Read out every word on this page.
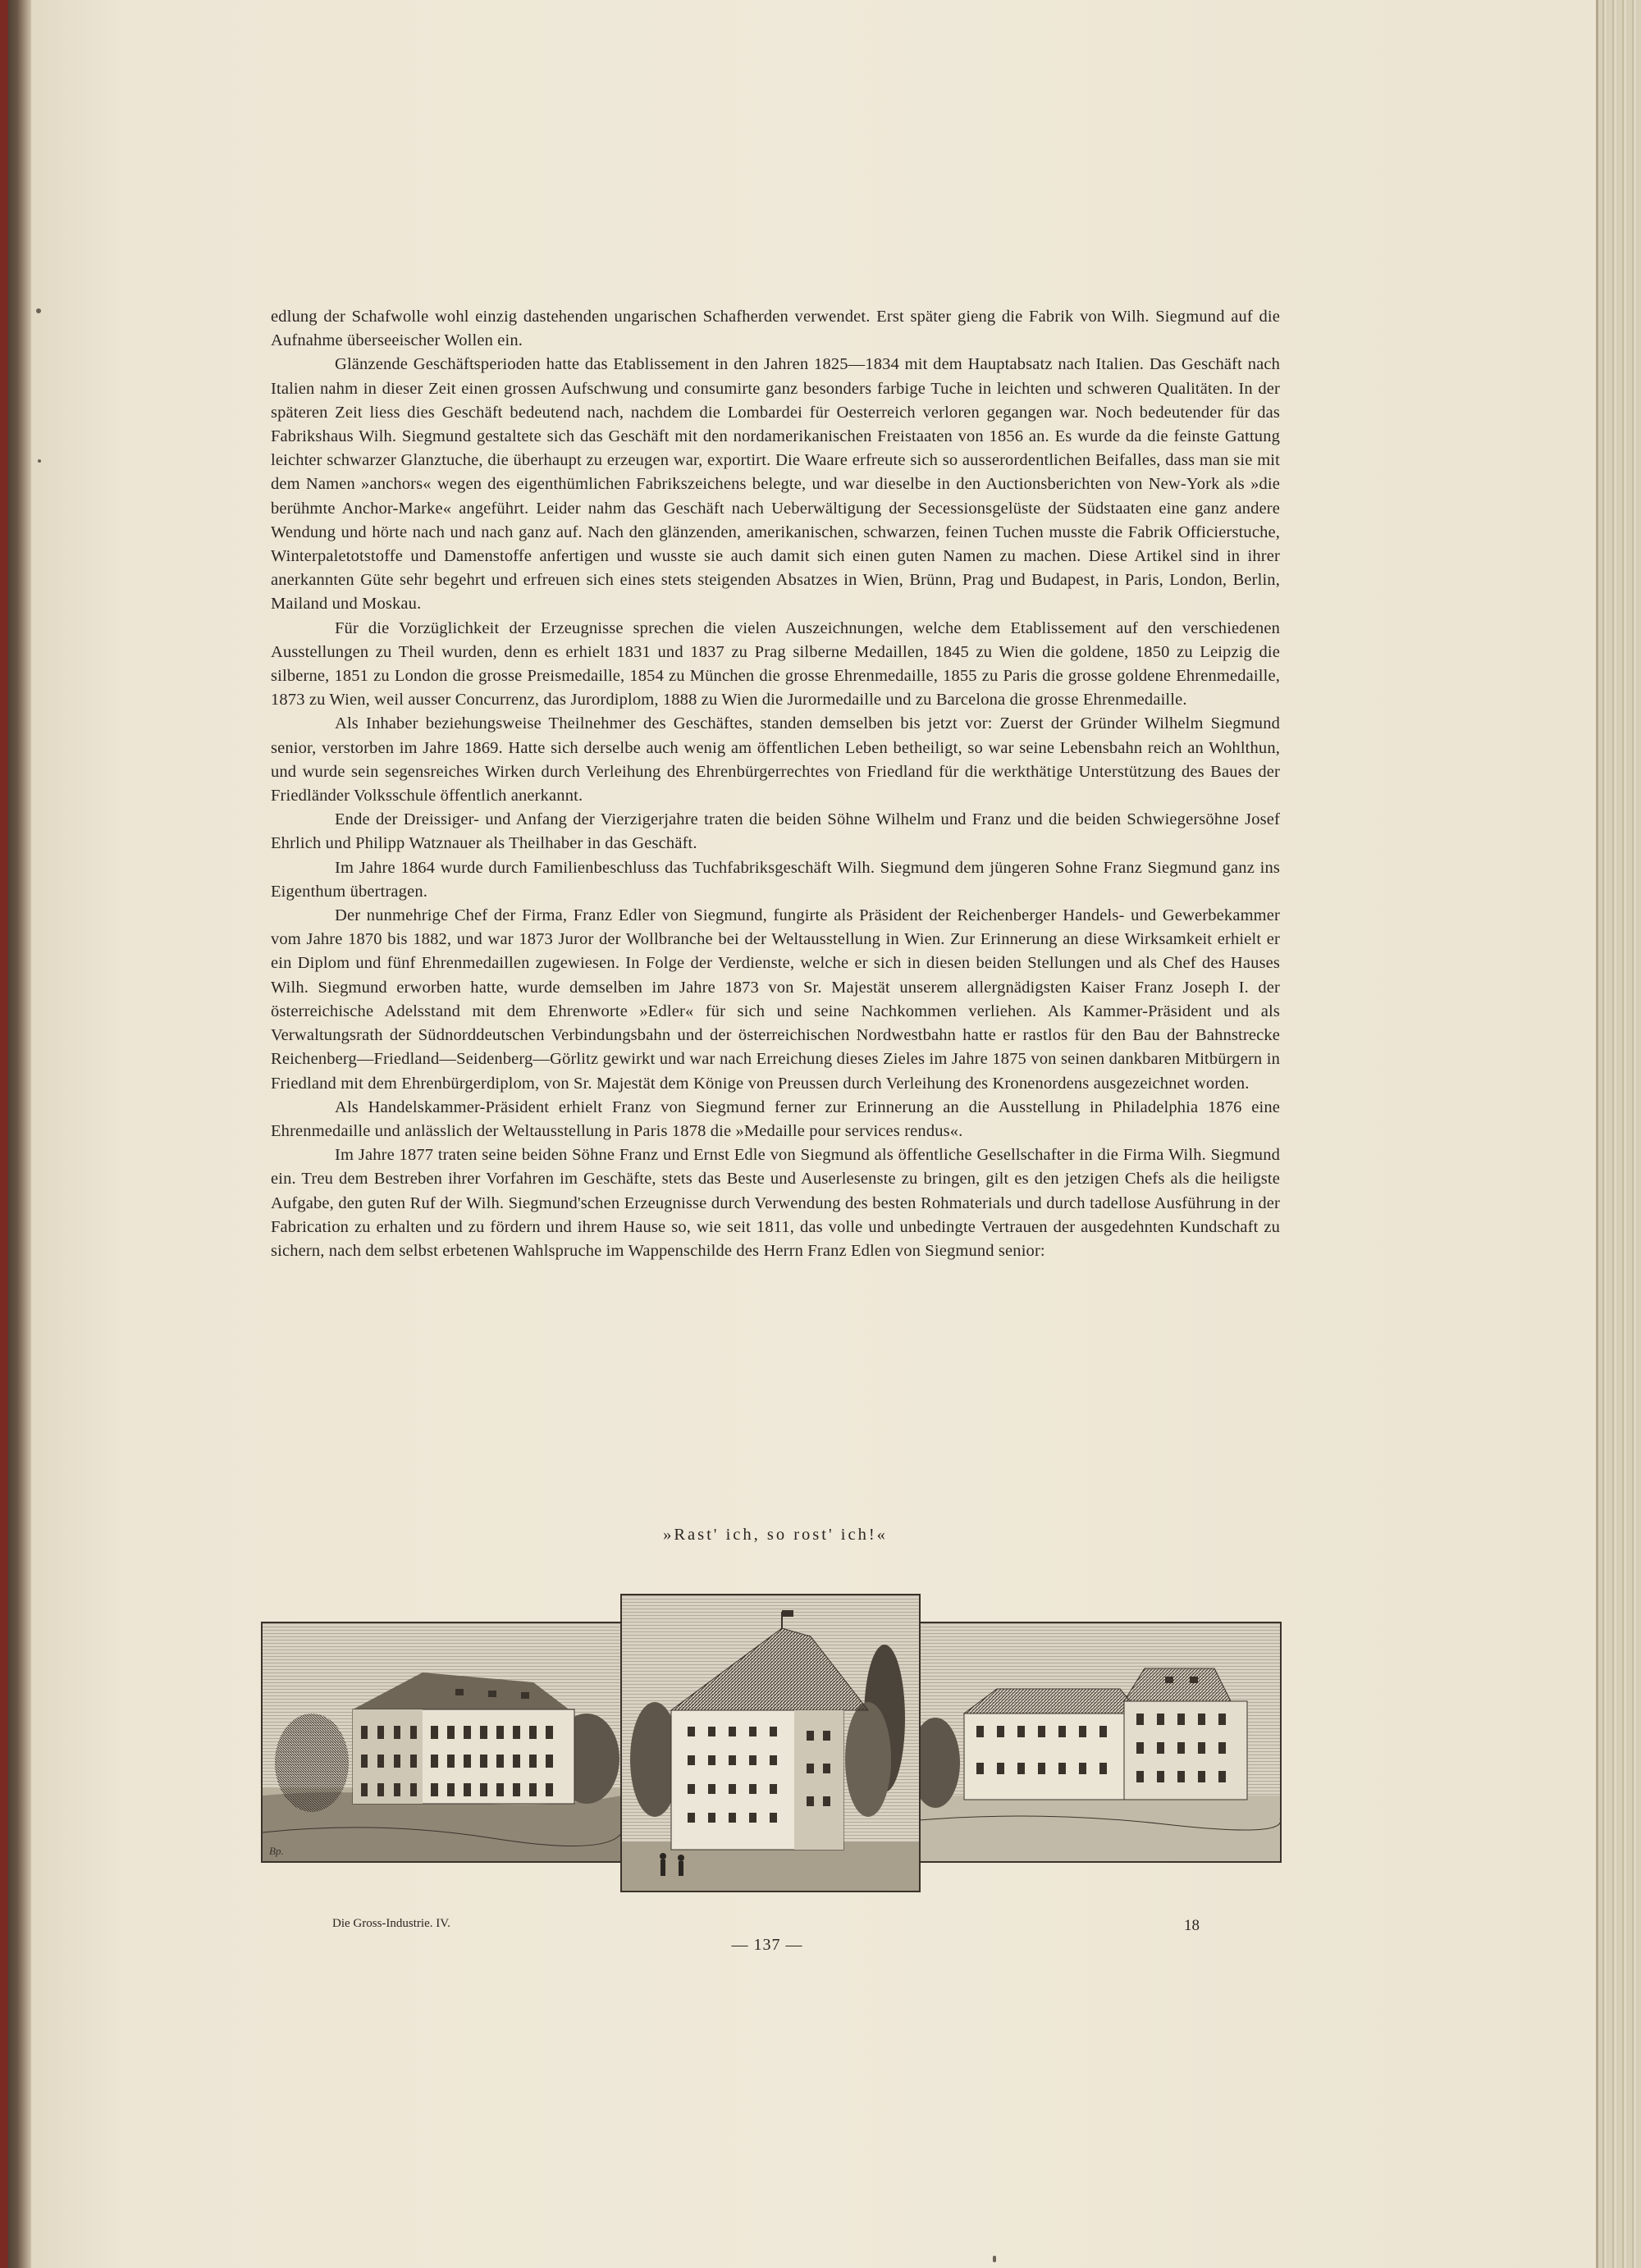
edlung der Schafwolle wohl einzig dastehenden ungarischen Schafherden verwendet. Erst später gieng die Fabrik von Wilh. Siegmund auf die Aufnahme überseeischer Wollen ein.

Glänzende Geschäftsperioden hatte das Etablissement in den Jahren 1825—1834 mit dem Hauptabsatz nach Italien. Das Geschäft nach Italien nahm in dieser Zeit einen grossen Aufschwung und consumirte ganz besonders farbige Tuche in leichten und schweren Qualitäten. In der späteren Zeit liess dies Geschäft bedeutend nach, nachdem die Lombardei für Oesterreich verloren gegangen war. Noch bedeutender für das Fabrikshaus Wilh. Siegmund gestaltete sich das Geschäft mit den nordamerikanischen Freistaaten von 1856 an. Es wurde da die feinste Gattung leichter schwarzer Glanztuche, die überhaupt zu erzeugen war, exportirt. Die Waare erfreute sich so ausserordentlichen Beifalles, dass man sie mit dem Namen »anchors« wegen des eigenthümlichen Fabrikszeichens belegte, und war dieselbe in den Auctionsberichten von New-York als »die berühmte Anchor-Marke« angeführt. Leider nahm das Geschäft nach Ueberwältigung der Secessionsgelüste der Südstaaten eine ganz andere Wendung und hörte nach und nach ganz auf. Nach den glänzenden, amerikanischen, schwarzen, feinen Tuchen musste die Fabrik Officierstuche, Winterpaletotstoffe und Damenstoffe anfertigen und wusste sie auch damit sich einen guten Namen zu machen. Diese Artikel sind in ihrer anerkannten Güte sehr begehrt und erfreuen sich eines stets steigenden Absatzes in Wien, Brünn, Prag und Budapest, in Paris, London, Berlin, Mailand und Moskau.

Für die Vorzüglichkeit der Erzeugnisse sprechen die vielen Auszeichnungen, welche dem Etablissement auf den verschiedenen Ausstellungen zu Theil wurden, denn es erhielt 1831 und 1837 zu Prag silberne Medaillen, 1845 zu Wien die goldene, 1850 zu Leipzig die silberne, 1851 zu London die grosse Preismedaille, 1854 zu München die grosse Ehrenmedaille, 1855 zu Paris die grosse goldene Ehrenmedaille, 1873 zu Wien, weil ausser Concurrenz, das Jurordiplom, 1888 zu Wien die Jurormedaille und zu Barcelona die grosse Ehrenmedaille.

Als Inhaber beziehungsweise Theilnehmer des Geschäftes, standen demselben bis jetzt vor: Zuerst der Gründer Wilhelm Siegmund senior, verstorben im Jahre 1869. Hatte sich derselbe auch wenig am öffentlichen Leben betheiligt, so war seine Lebensbahn reich an Wohlthun, und wurde sein segensreiches Wirken durch Verleihung des Ehrenbürgerrechtes von Friedland für die werkthätige Unterstützung des Baues der Friedländer Volksschule öffentlich anerkannt.

Ende der Dreissiger- und Anfang der Vierzigerjahre traten die beiden Söhne Wilhelm und Franz und die beiden Schwiegersöhne Josef Ehrlich und Philipp Watznauer als Theilhaber in das Geschäft.

Im Jahre 1864 wurde durch Familienbeschluss das Tuchfabriksgeschäft Wilh. Siegmund dem jüngeren Sohne Franz Siegmund ganz ins Eigenthum übertragen.

Der nunmehrige Chef der Firma, Franz Edler von Siegmund, fungirte als Präsident der Reichenberger Handels- und Gewerbekammer vom Jahre 1870 bis 1882, und war 1873 Juror der Wollbranche bei der Weltausstellung in Wien. Zur Erinnerung an diese Wirksamkeit erhielt er ein Diplom und fünf Ehrenmedaillen zugewiesen. In Folge der Verdienste, welche er sich in diesen beiden Stellungen und als Chef des Hauses Wilh. Siegmund erworben hatte, wurde demselben im Jahre 1873 von Sr. Majestät unserem allergnädigsten Kaiser Franz Joseph I. der österreichische Adelsstand mit dem Ehrenworte »Edler« für sich und seine Nachkommen verliehen. Als Kammer-Präsident und als Verwaltungsrath der Südnorddeutschen Verbindungsbahn und der österreichischen Nordwestbahn hatte er rastlos für den Bau der Bahnstrecke Reichenberg—Friedland—Seidenberg—Görlitz gewirkt und war nach Erreichung dieses Zieles im Jahre 1875 von seinen dankbaren Mitbürgern in Friedland mit dem Ehrenbürgerdiplom, von Sr. Majestät dem Könige von Preussen durch Verleihung des Kronenordens ausgezeichnet worden.

Als Handelskammer-Präsident erhielt Franz von Siegmund ferner zur Erinnerung an die Ausstellung in Philadelphia 1876 eine Ehrenmedaille und anlässlich der Weltausstellung in Paris 1878 die »Medaille pour services rendus«.

Im Jahre 1877 traten seine beiden Söhne Franz und Ernst Edle von Siegmund als öffentliche Gesellschafter in die Firma Wilh. Siegmund ein. Treu dem Bestreben ihrer Vorfahren im Geschäfte, stets das Beste und Auserlesenste zu bringen, gilt es den jetzigen Chefs als die heiligste Aufgabe, den guten Ruf der Wilh. Siegmund'schen Erzeugnisse durch Verwendung des besten Rohmaterials und durch tadellose Ausführung in der Fabrication zu erhalten und zu fördern und ihrem Hause so, wie seit 1811, das volle und unbedingte Vertrauen der ausgedehnten Kundschaft zu sichern, nach dem selbst erbetenen Wahlspruche im Wappenschilde des Herrn Franz Edlen von Siegmund senior:

»Rast' ich, so rost' ich!«
Bp.
Die Gross-Industrie. IV.	18
— 137 —
